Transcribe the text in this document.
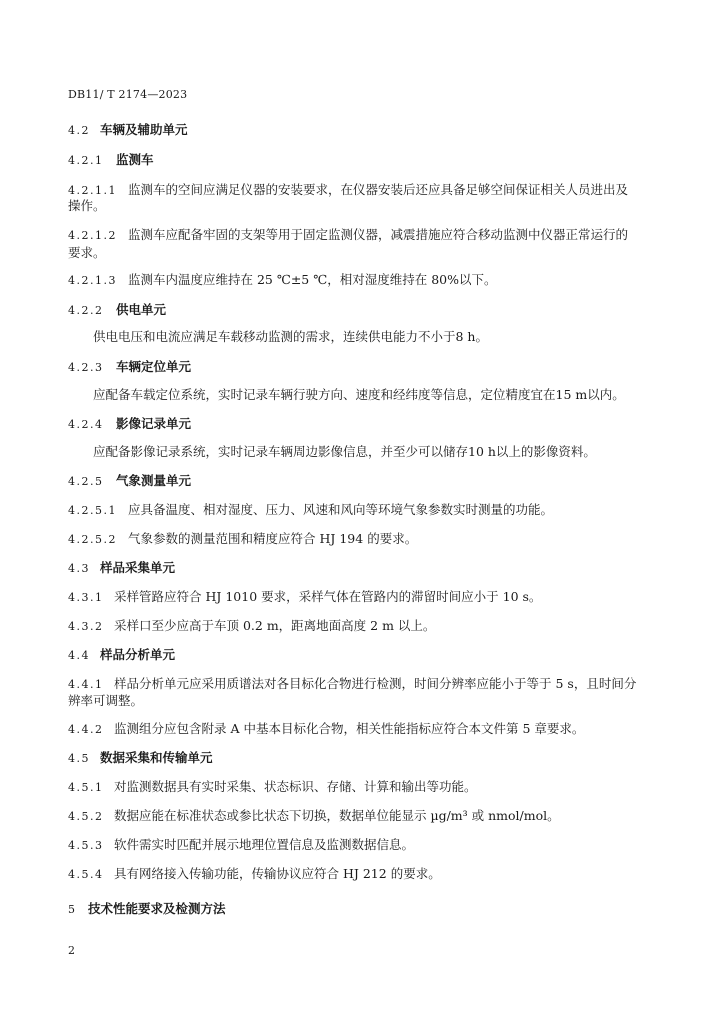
DB11/ T 2174—2023
4.2 车辆及辅助单元
4.2.1 监测车
4.2.1.1 监测车的空间应满足仪器的安装要求，在仪器安装后还应具备足够空间保证相关人员进出及
操作。
4.2.1.2 监测车应配备牢固的支架等用于固定监测仪器，减震措施应符合移动监测中仪器正常运行的
要求。
4.2.1.3 监测车内温度应维持在 25 ℃±5 ℃，相对湿度维持在 80%以下。
4.2.2 供电单元
供电电压和电流应满足车载移动监测的需求，连续供电能力不小于8 h。
4.2.3 车辆定位单元
应配备车载定位系统，实时记录车辆行驶方向、速度和经纬度等信息，定位精度宜在15 m以内。
4.2.4 影像记录单元
应配备影像记录系统，实时记录车辆周边影像信息，并至少可以储存10 h以上的影像资料。
4.2.5 气象测量单元
4.2.5.1 应具备温度、相对湿度、压力、风速和风向等环境气象参数实时测量的功能。
4.2.5.2 气象参数的测量范围和精度应符合 HJ 194 的要求。
4.3 样品采集单元
4.3.1 采样管路应符合 HJ 1010 要求，采样气体在管路内的滞留时间应小于 10 s。
4.3.2 采样口至少应高于车顶 0.2 m，距离地面高度 2 m 以上。
4.4 样品分析单元
4.4.1 样品分析单元应采用质谱法对各目标化合物进行检测，时间分辨率应能小于等于 5 s，且时间分
辨率可调整。
4.4.2 监测组分应包含附录 A 中基本目标化合物，相关性能指标应符合本文件第 5 章要求。
4.5 数据采集和传输单元
4.5.1 对监测数据具有实时采集、状态标识、存储、计算和输出等功能。
4.5.2 数据应能在标准状态或参比状态下切换，数据单位能显示 µg/m³ 或 nmol/mol。
4.5.3 软件需实时匹配并展示地理位置信息及监测数据信息。
4.5.4 具有网络接入传输功能，传输协议应符合 HJ 212 的要求。
5 技术性能要求及检测方法
2
